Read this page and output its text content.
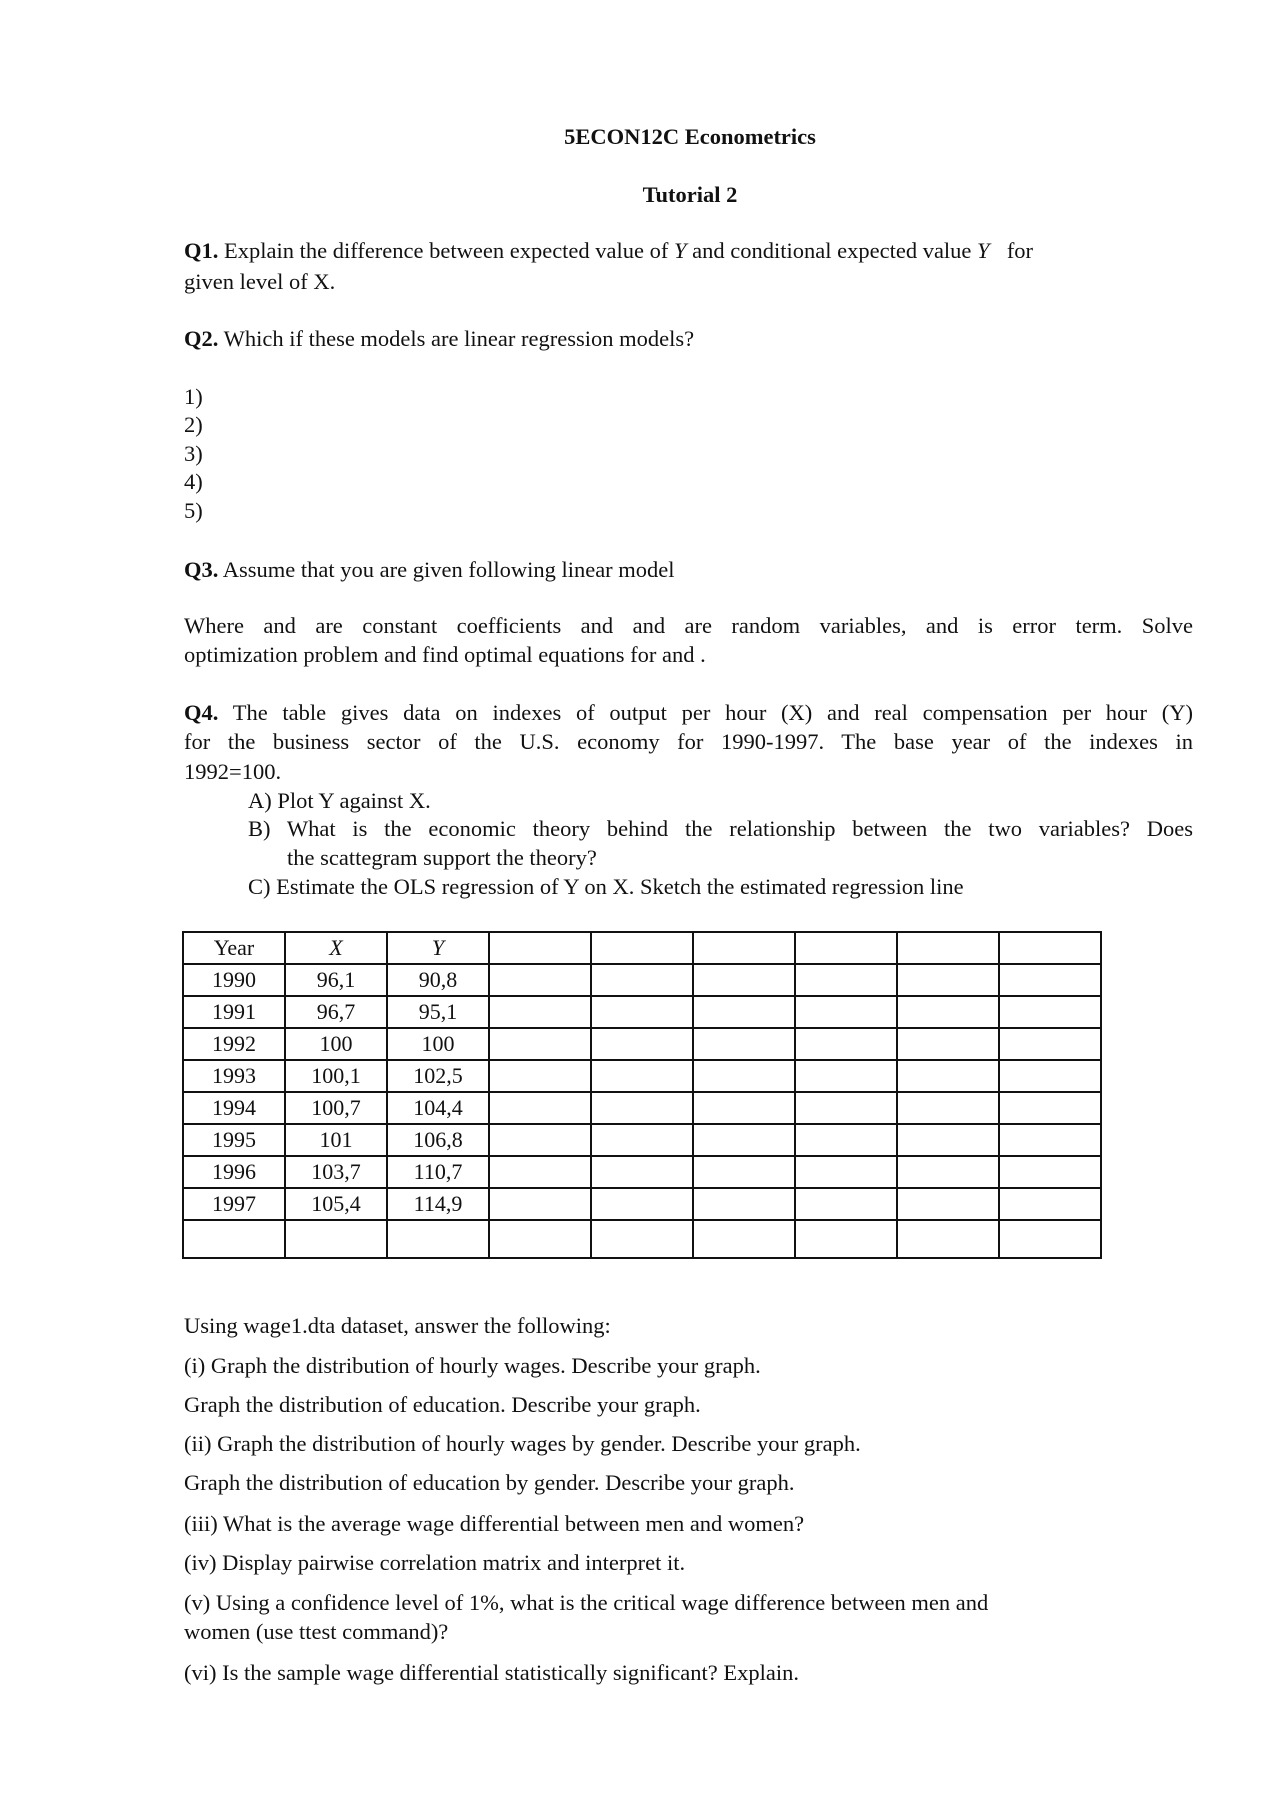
5ECON12C Econometrics
Tutorial 2
Q1. Explain the difference between expected value of Y and conditional expected value Y  for
given level of X.
Q2. Which if these models are linear regression models?
1)
2)
3)
4)
5)
Q3. Assume that you are given following linear model
Where and are constant coefficients and and are random variables, and is error term. Solve
optimization problem and find optimal equations for and .
Q4. The table gives data on indexes of output per hour (X) and real compensation per hour (Y)
for the business sector of the U.S. economy for 1990-1997. The base year of the indexes in
1992=100.
A) Plot Y against X.
B) What is the economic theory behind the relationship between the two variables? Does
the scattegram support the theory?
C) Estimate the OLS regression of Y on X. Sketch the estimated regression line
Year	X	Y						
1990	96,1	90,8						
1991	96,7	95,1						
1992	100	100						
1993	100,1	102,5						
1994	100,7	104,4						
1995	101	106,8						
1996	103,7	110,7						
1997	105,4	114,9						

Using wage1.dta dataset, answer the following:
(i) Graph the distribution of hourly wages. Describe your graph.
Graph the distribution of education. Describe your graph.
(ii) Graph the distribution of hourly wages by gender. Describe your graph.
Graph the distribution of education by gender. Describe your graph.
(iii) What is the average wage differential between men and women?
(iv) Display pairwise correlation matrix and interpret it.
(v) Using a confidence level of 1%, what is the critical wage difference between men and
women (use ttest command)?
(vi) Is the sample wage differential statistically significant? Explain.
